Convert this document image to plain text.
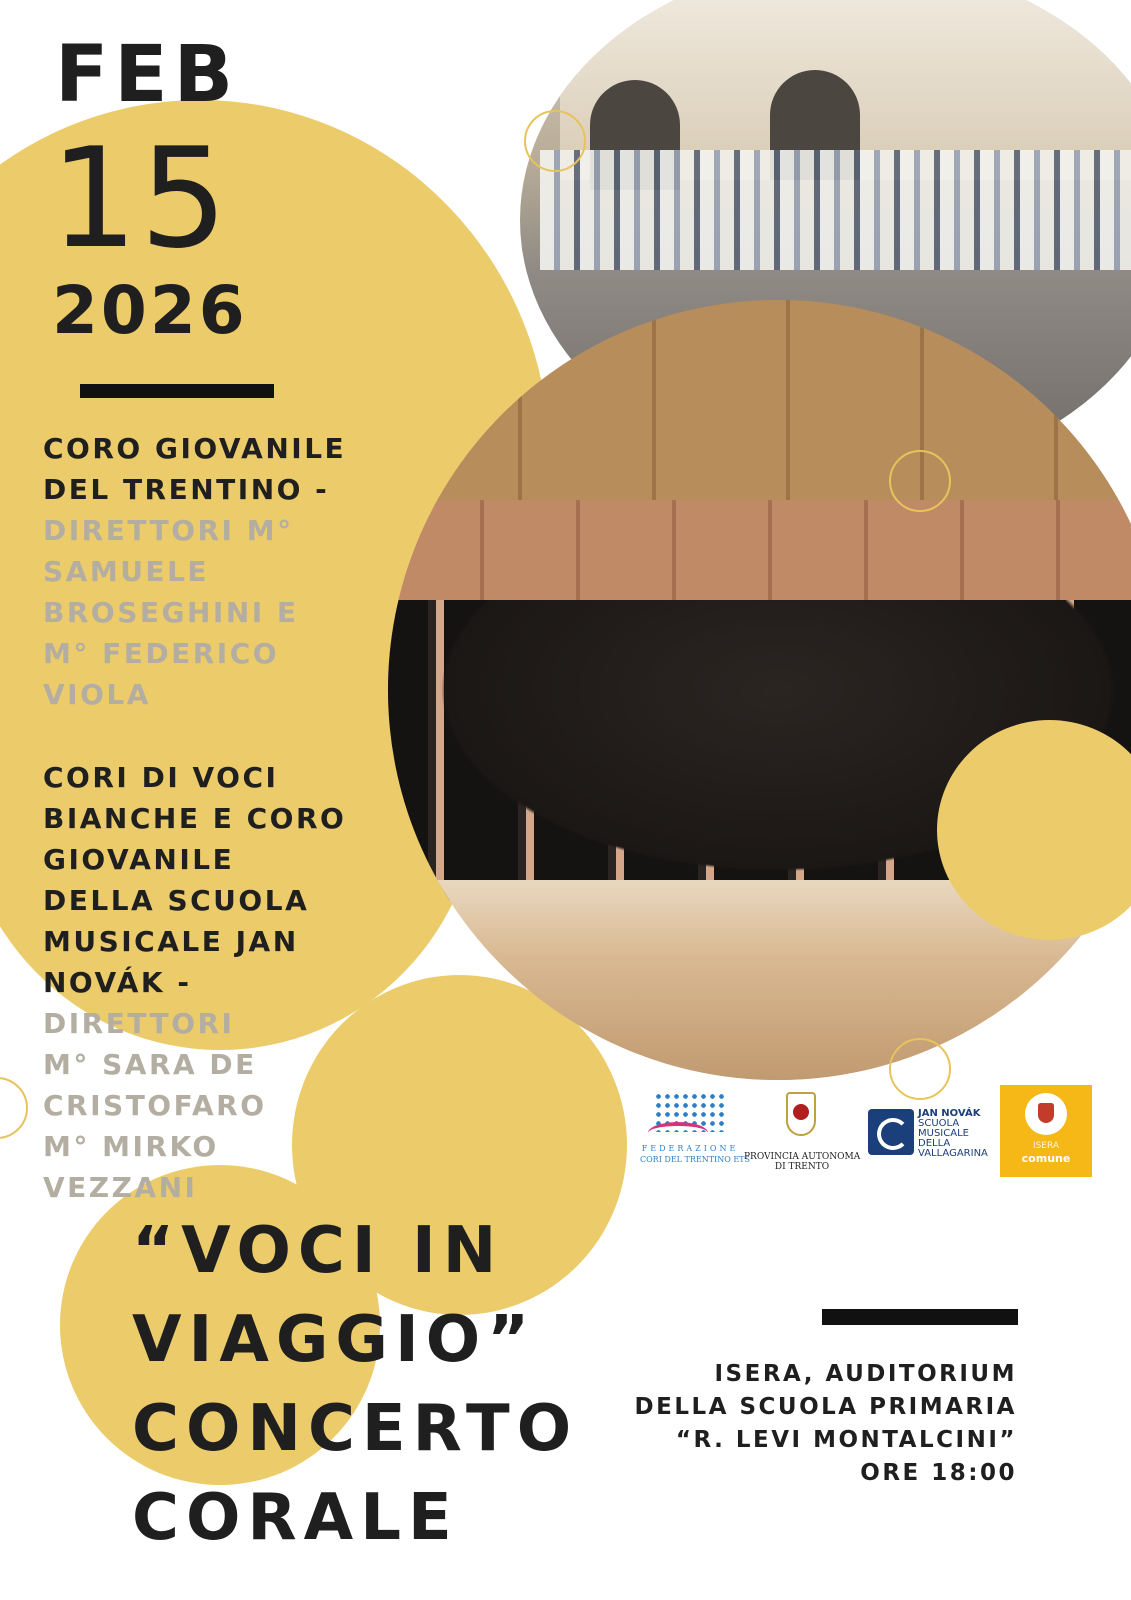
FEB
15
2026
CORO GIOVANILE
DEL TRENTINO -
DIRETTORI M°
SAMUELE
BROSEGHINI E
M° FEDERICO
VIOLA
CORI DI VOCI
BIANCHE E CORO
GIOVANILE
DELLA SCUOLA
MUSICALE JAN
NOVÁK -
DIRETTORI
M° SARA DE
CRISTOFARO
M° MIRKO
VEZZANI
“VOCI IN
VIAGGIO”
CONCERTO
CORALE
ISERA, AUDITORIUM
DELLA SCUOLA PRIMARIA
“R. LEVI MONTALCINI”
ORE 18:00
FEDERAZIONE
CORI DEL TRENTINO ETS
PROVINCIA AUTONOMA
DI TRENTO
JAN NOVÁK
SCUOLA
MUSICALE
DELLA
VALLAGARINA
ISERA
comune
